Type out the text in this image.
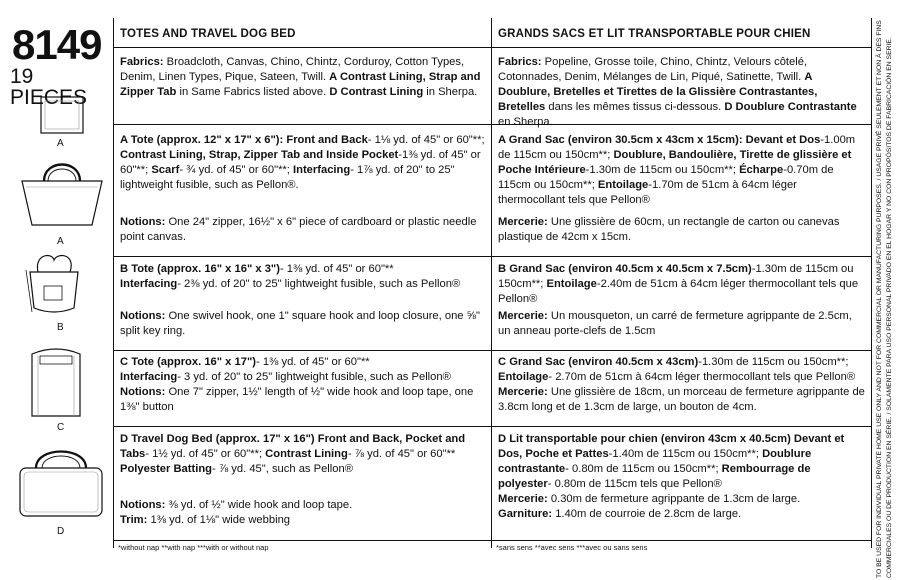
8149
19 PIECES
A
A
B
C
D
TOTES AND TRAVEL DOG BED
Fabrics: Broadcloth, Canvas, Chino, Chintz, Corduroy, Cotton Types, Denim, Linen Types, Pique, Sateen, Twill. A Contrast Lining, Strap and Zipper Tab in Same Fabrics listed above. D Contrast Lining in Sherpa.
A Tote (approx. 12" x 17" x 6"): Front and Back- 1⅛ yd. of 45" or 60"**; Contrast Lining, Strap, Zipper Tab and Inside Pocket-1⅜ yd. of 45" or 60"**; Scarf- ¾ yd. of 45" or 60"**; Interfacing- 1⅞ yd. of 20" to 25" lightweight fusible, such as Pellon®.
Notions: One 24" zipper, 16½" x 6" piece of cardboard or plastic needle point canvas.
B Tote (approx. 16" x 16" x 3")- 1⅜ yd. of 45" or 60"**
Interfacing- 2⅜ yd. of 20" to 25" lightweight fusible, such as Pellon®
Notions: One swivel hook, one 1" square hook and loop closure, one ⅝" split key ring.
C Tote (approx. 16" x 17")- 1⅜ yd. of 45" or 60"**
Interfacing- 3 yd. of 20" to 25" lightweight fusible, such as Pellon®
Notions: One 7" zipper, 1½" length of ½" wide hook and loop tape, one 1⅜" button
D Travel Dog Bed (approx. 17" x 16") Front and Back, Pocket and Tabs- 1½ yd. of 45" or 60"**; Contrast Lining- ⅞ yd. of 45" or 60"**
Polyester Batting- ⅞ yd. 45", such as Pellon®
Notions: ⅜ yd. of ½" wide hook and loop tape.
Trim: 1⅜ yd. of 1⅛" wide webbing
*without nap **with nap ***with or without nap
GRANDS SACS ET LIT TRANSPORTABLE POUR CHIEN
Fabrics: Popeline, Grosse toile, Chino, Chintz, Velours côtelé, Cotonnades, Denim, Mélanges de Lin, Piqué, Satinette, Twill. A Doublure, Bretelles et Tirettes de la Glissière Contrastantes, Bretelles dans les mêmes tissus ci-dessous. D Doublure Contrastante en Sherpa.
A Grand Sac (environ 30.5cm x 43cm x 15cm): Devant et Dos-1.00m de 115cm ou 150cm**; Doublure, Bandoulière, Tirette de glissière et Poche Intérieure-1.30m de 115cm ou 150cm**; Écharpe-0.70m de 115cm ou 150cm**; Entoilage-1.70m de 51cm à 64cm léger thermocollant tels que Pellon®
Mercerie: Une glissière de 60cm, un rectangle de carton ou canevas plastique de 42cm x 15cm.
B Grand Sac (environ 40.5cm x 40.5cm x 7.5cm)-1.30m de 115cm ou 150cm**; Entoilage-2.40m de 51cm à 64cm léger thermocollant tels que Pellon®
Mercerie: Un mousqueton, un carré de fermeture agrippante de 2.5cm, un anneau porte-clefs de 1.5cm
C Grand Sac (environ 40.5cm x 43cm)-1.30m de 115cm ou 150cm**;
Entoilage- 2.70m de 51cm à 64cm léger thermocollant tels que Pellon®
Mercerie: Une glissière de 18cm, un morceau de fermeture agrippante de 3.8cm long et de 1.3cm de large, un bouton de 4cm.
D Lit transportable pour chien (environ 43cm x 40.5cm) Devant et Dos, Poche et Pattes-1.40m de 115cm ou 150cm**; Doublure contrastante- 0.80m de 115cm ou 150cm**; Rembourrage de polyester- 0.80m de 115cm tels que Pellon®
Mercerie: 0.30m de fermeture agrippante de 1.3cm de large.
Garniture: 1.40m de courroie de 2.8cm de large.
*sans sens **avec sens ***avec ou sans sens	TO BE USED FOR INDIVIDUAL PRIVATE HOME USE ONLY AND NOT FOR COMMERCIAL OR MANUFACTURING PURPOSES. / USAGE PRIVÉ SEULEMENT ET NON À DES FINS COMMERCIALES OU DE PRODUCTION EN SÉRIE. / SOLAMENTE PARA USO PERSONAL PRIVADO EN EL HOGAR Y NO CON PROPÓSITOS DE FABRICACIÓN EN SERIE.
